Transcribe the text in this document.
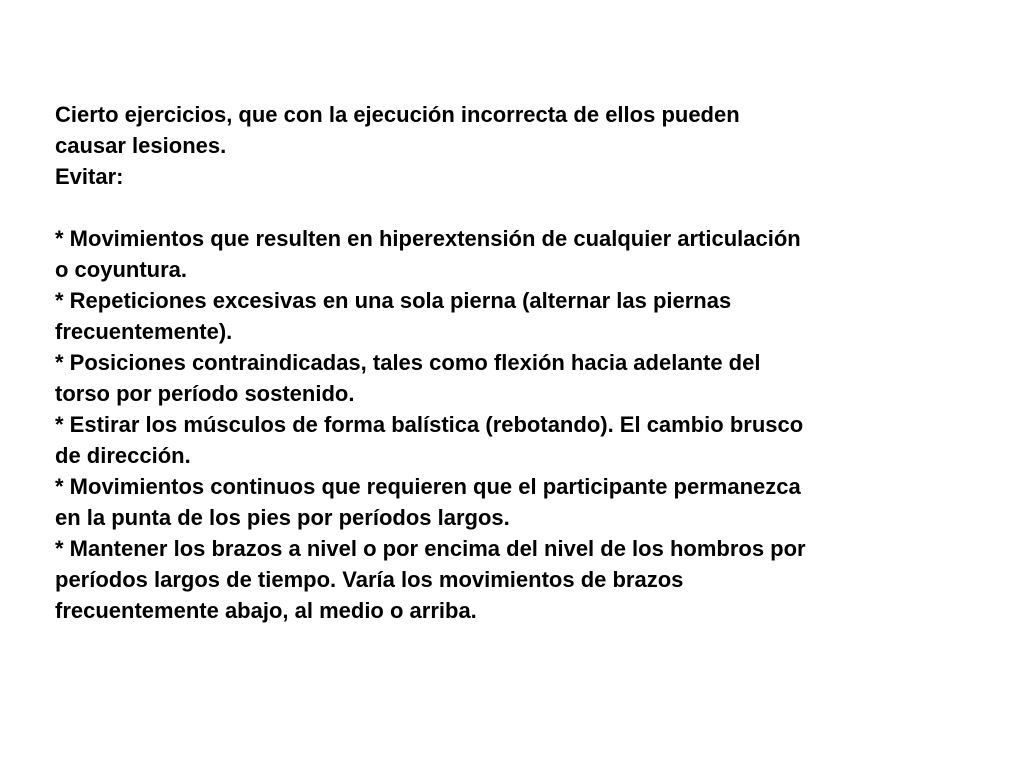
Cierto ejercicios, que con la ejecución incorrecta de ellos pueden
causar lesiones.
Evitar:
* Movimientos que resulten en hiperextensión de cualquier articulación
o coyuntura.
* Repeticiones excesivas en una sola pierna (alternar las piernas
frecuentemente).
* Posiciones contraindicadas, tales como flexión hacia adelante del
torso por período sostenido.
* Estirar los músculos de forma balística (rebotando). El cambio brusco
de dirección.
* Movimientos continuos que requieren que el participante permanezca
en la punta de los pies por períodos largos.
* Mantener los brazos a nivel o por encima del nivel de los hombros por
períodos largos de tiempo. Varía los movimientos de brazos
frecuentemente abajo, al medio o arriba.
